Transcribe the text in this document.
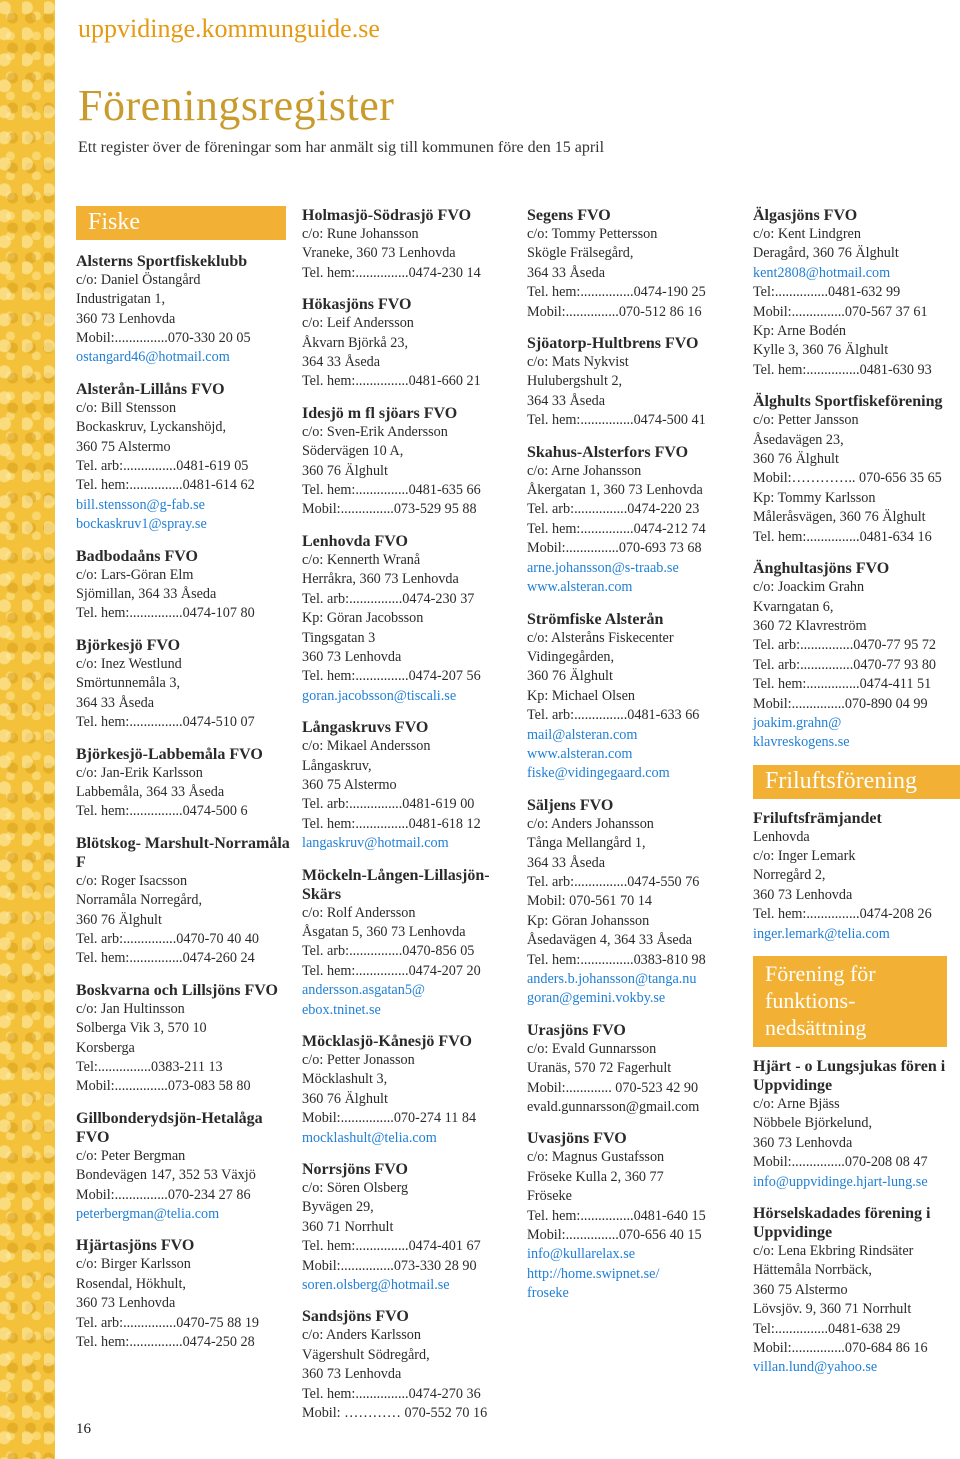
uppvidinge.kommunguide.se
Föreningsregister
Ett register över de föreningar som har anmält sig till kommunen före den 15 april
Fiske
Alsterns Sportfiskeklubb
c/o: Daniel Östangård
Industrigatan 1,
360 73 Lenhovda
Mobil:...............070-330 20 05
ostangard46@hotmail.com
Alsterån-Lillåns FVO
c/o: Bill Stensson
Bockaskruv, Lyckanshöjd,
360 75 Alstermo
Tel. arb:...............0481-619 05
Tel. hem:...............0481-614 62
bill.stensson@g-fab.se
bockaskruv1@spray.se
Badbodaåns FVO
c/o: Lars-Göran Elm
Sjömillan, 364 33 Åseda
Tel. hem:...............0474-107 80
Björkesjö FVO
c/o: Inez Westlund
Smörtunnemåla 3,
364 33 Åseda
Tel. hem:...............0474-510 07
Björkesjö-Labbemåla FVO
c/o: Jan-Erik Karlsson
Labbemåla, 364 33 Åseda
Tel. hem:...............0474-500 6
Blötskog- Marshult-Norramåla F
c/o: Roger Isacsson
Norramåla Norregård,
360 76 Älghult
Tel. arb:...............0470-70 40 40
Tel. hem:...............0474-260 24
Boskvarna och Lillsjöns FVO
c/o: Jan Hultinsson
Solberga Vik 3, 570 10
Korsberga
Tel:...............0383-211 13
Mobil:...............073-083 58 80
Gillbonderydsjön-Hetalåga FVO
c/o: Peter Bergman
Bondevägen 147, 352 53 Växjö
Mobil:...............070-234 27 86
peterbergman@telia.com
Hjärtasjöns FVO
c/o: Birger Karlsson
Rosendal, Hökhult,
360 73 Lenhovda
Tel. arb:...............0470-75 88 19
Tel. hem:...............0474-250 28
Holmasjö-Södrasjö FVO
c/o: Rune Johansson
Vraneke, 360 73 Lenhovda
Tel. hem:...............0474-230 14
Hökasjöns FVO
c/o: Leif Andersson
Åkvarn Björkå 23,
364 33 Åseda
Tel. hem:...............0481-660 21
Idesjö m fl sjöars FVO
c/o: Sven-Erik Andersson
Södervägen 10 A,
360 76 Älghult
Tel. hem:...............0481-635 66
Mobil:...............073-529 95 88
Lenhovda FVO
c/o: Kennerth Wranå
Herråkra, 360 73 Lenhovda
Tel. arb:...............0474-230 37
Kp: Göran Jacobsson
Tingsgatan 3
360 73 Lenhovda
Tel. hem:...............0474-207 56
goran.jacobsson@tiscali.se
Långaskruvs FVO
c/o: Mikael Andersson
Långaskruv,
360 75 Alstermo
Tel. arb:...............0481-619 00
Tel. hem:...............0481-618 12
langaskruv@hotmail.com
Möckeln-Lången-Lillasjön-Skärs
c/o: Rolf Andersson
Åsgatan 5, 360 73 Lenhovda
Tel. arb:...............0470-856 05
Tel. hem:...............0474-207 20
andersson.asgatan5@
ebox.tninet.se
Möcklasjö-Kånesjö FVO
c/o: Petter Jonasson
Möcklashult 3,
360 76 Älghult
Mobil:...............070-274 11 84
mocklashult@telia.com
Norrsjöns FVO
c/o: Sören Olsberg
Byvägen 29,
360 71 Norrhult
Tel. hem:...............0474-401 67
Mobil:...............073-330 28 90
soren.olsberg@hotmail.se
Sandsjöns FVO
c/o: Anders Karlsson
Vägershult Södregård,
360 73 Lenhovda
Tel. hem:...............0474-270 36
Mobil: ………… 070-552 70 16
Segens FVO
c/o: Tommy Pettersson
Skögle Frälsegård,
364 33 Åseda
Tel. hem:...............0474-190 25
Mobil:...............070-512 86 16
Sjöatorp-Hultbrens FVO
c/o: Mats Nykvist
Hulubergshult 2,
364 33 Åseda
Tel. hem:...............0474-500 41
Skahus-Alsterfors FVO
c/o: Arne Johansson
Åkergatan 1, 360 73 Lenhovda
Tel. arb:...............0474-220 23
Tel. hem:...............0474-212 74
Mobil:...............070-693 73 68
arne.johansson@s-traab.se
www.alsteran.com
Strömfiske Alsterån
c/o: Alsteråns Fiskecenter
Vidingegården,
360 76 Älghult
Kp: Michael Olsen
Tel. arb:...............0481-633 66
mail@alsteran.com
www.alsteran.com
fiske@vidingegaard.com
Säljens FVO
c/o: Anders Johansson
Tånga Mellangård 1,
364 33 Åseda
Tel. arb:...............0474-550 76
Mobil: 070-561 70 14
Kp: Göran Johansson
Åsedavägen 4, 364 33 Åseda
Tel. hem:...............0383-810 98
anders.b.johansson@tanga.nu
goran@gemini.vokby.se
Urasjöns FVO
c/o: Evald Gunnarsson
Uranäs, 570 72 Fagerhult
Mobil:............. 070-523 42 90
evald.gunnarsson@gmail.com
Uvasjöns FVO
c/o: Magnus Gustafsson
Fröseke Kulla 2, 360 77
Fröseke
Tel. hem:...............0481-640 15
Mobil:...............070-656 40 15
info@kullarelax.se
http://home.swipnet.se/
froseke
Älgasjöns FVO
c/o: Kent Lindgren
Deragård, 360 76 Älghult
kent2808@hotmail.com
Tel:...............0481-632 99
Mobil:...............070-567 37 61
Kp: Arne Bodén
Kylle 3, 360 76 Älghult
Tel. hem:...............0481-630 93
Älghults Sportfiskeförening
c/o: Petter Jansson
Åsedavägen 23,
360 76 Älghult
Mobil:………….. 070-656 35 65
Kp: Tommy Karlsson
Måleråsvägen, 360 76 Älghult
Tel. hem:...............0481-634 16
Änghultasjöns FVO
c/o: Joackim Grahn
Kvarngatan 6,
360 72 Klavreström
Tel. arb:...............0470-77 95 72
Tel. arb:...............0470-77 93 80
Tel. hem:...............0474-411 51
Mobil:...............070-890 04 99
joakim.grahn@
klavreskogens.se
Friluftsförening
Friluftsfrämjandet
Lenhovda
c/o: Inger Lemark
Norregård 2,
360 73 Lenhovda
Tel. hem:...............0474-208 26
inger.lemark@telia.com
Förening för funktions-nedsättning
Hjärt - o Lungsjukas fören i Uppvidinge
c/o: Arne Bjäss
Nöbbele Björkelund,
360 73 Lenhovda
Mobil:...............070-208 08 47
info@uppvidinge.hjart-lung.se
Hörselskadades förening i Uppvidinge
c/o: Lena Ekbring Rindsäter
Hättemåla Norrbäck,
360 75 Alstermo
Lövsjöv. 9, 360 71 Norrhult
Tel:...............0481-638 29
Mobil:...............070-684 86 16
villan.lund@yahoo.se
16
